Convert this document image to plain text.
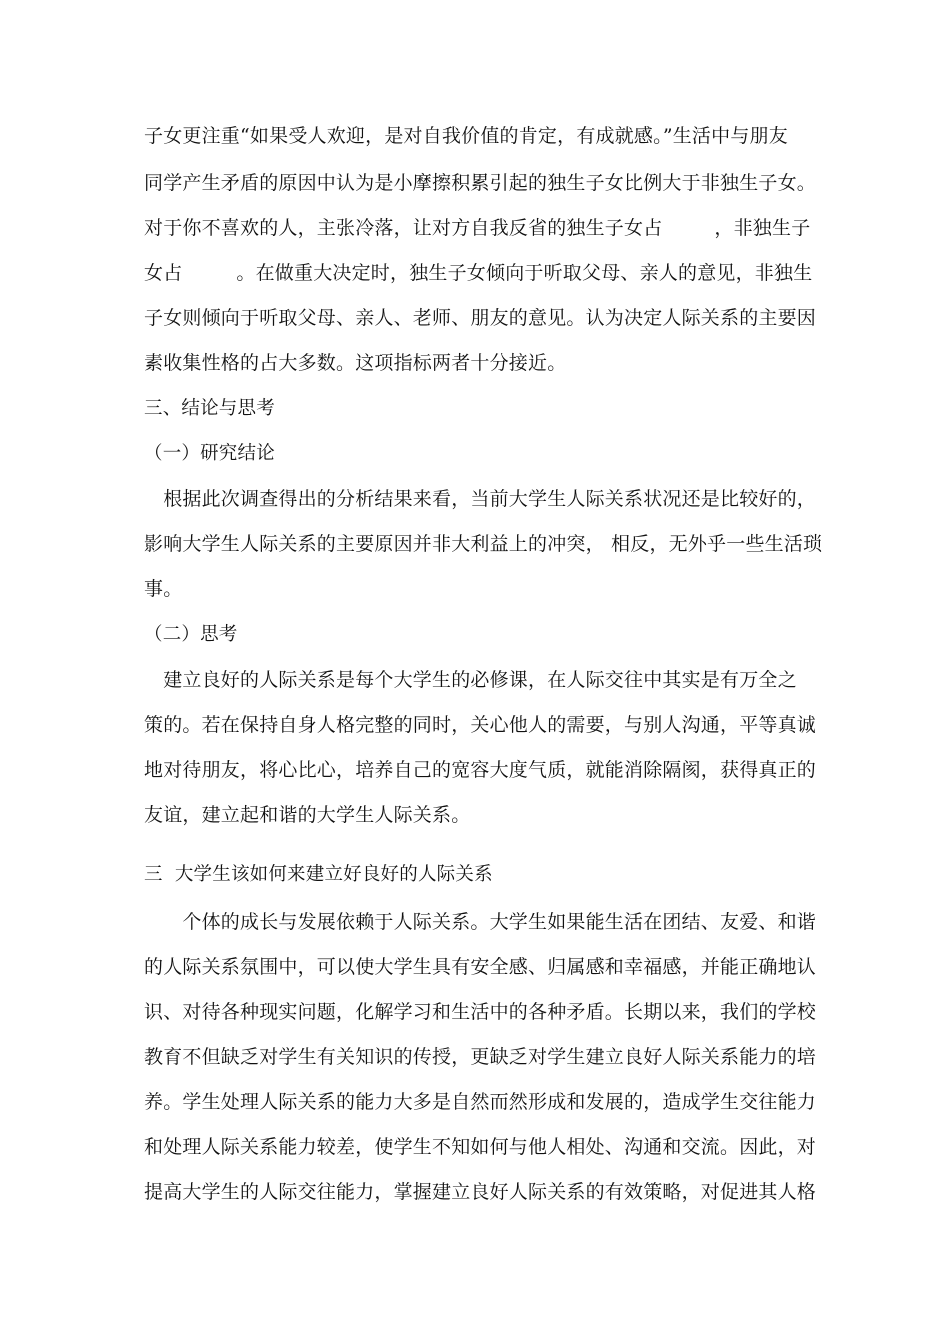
子女更注重“如果受人欢迎，是对自我价值的肯定，有成就感。”生活中与朋友
同学产生矛盾的原因中认为是小摩擦积累引起的独生子女比例大于非独生子女。
对于你不喜欢的人，主张冷落，让对方自我反省的独生子女占	，非独生子
女占	。在做重大决定时，独生子女倾向于听取父母、亲人的意见，非独生
子女则倾向于听取父母、亲人、老师、朋友的意见。认为决定人际关系的主要因
素收集性格的占大多数。这项指标两者十分接近。
三、结论与思考
（一）研究结论
　根据此次调查得出的分析结果来看，当前大学生人际关系状况还是比较好的，
影响大学生人际关系的主要原因并非大利益上的冲突， 相反，无外乎一些生活琐
事。
（二）思考
　建立良好的人际关系是每个大学生的必修课，在人际交往中其实是有万全之
策的。若在保持自身人格完整的同时，关心他人的需要，与别人沟通，平等真诚
地对待朋友，将心比心，培养自己的宽容大度气质，就能消除隔阂，获得真正的
友谊，建立起和谐的大学生人际关系。
三  大学生该如何来建立好良好的人际关系
　　个体的成长与发展依赖于人际关系。大学生如果能生活在团结、友爱、和谐
的人际关系氛围中，可以使大学生具有安全感、归属感和幸福感，并能正确地认
识、对待各种现实问题，化解学习和生活中的各种矛盾。长期以来，我们的学校
教育不但缺乏对学生有关知识的传授，更缺乏对学生建立良好人际关系能力的培
养。学生处理人际关系的能力大多是自然而然形成和发展的，造成学生交往能力
和处理人际关系能力较差，使学生不知如何与他人相处、沟通和交流。因此，对
提高大学生的人际交往能力，掌握建立良好人际关系的有效策略，对促进其人格
